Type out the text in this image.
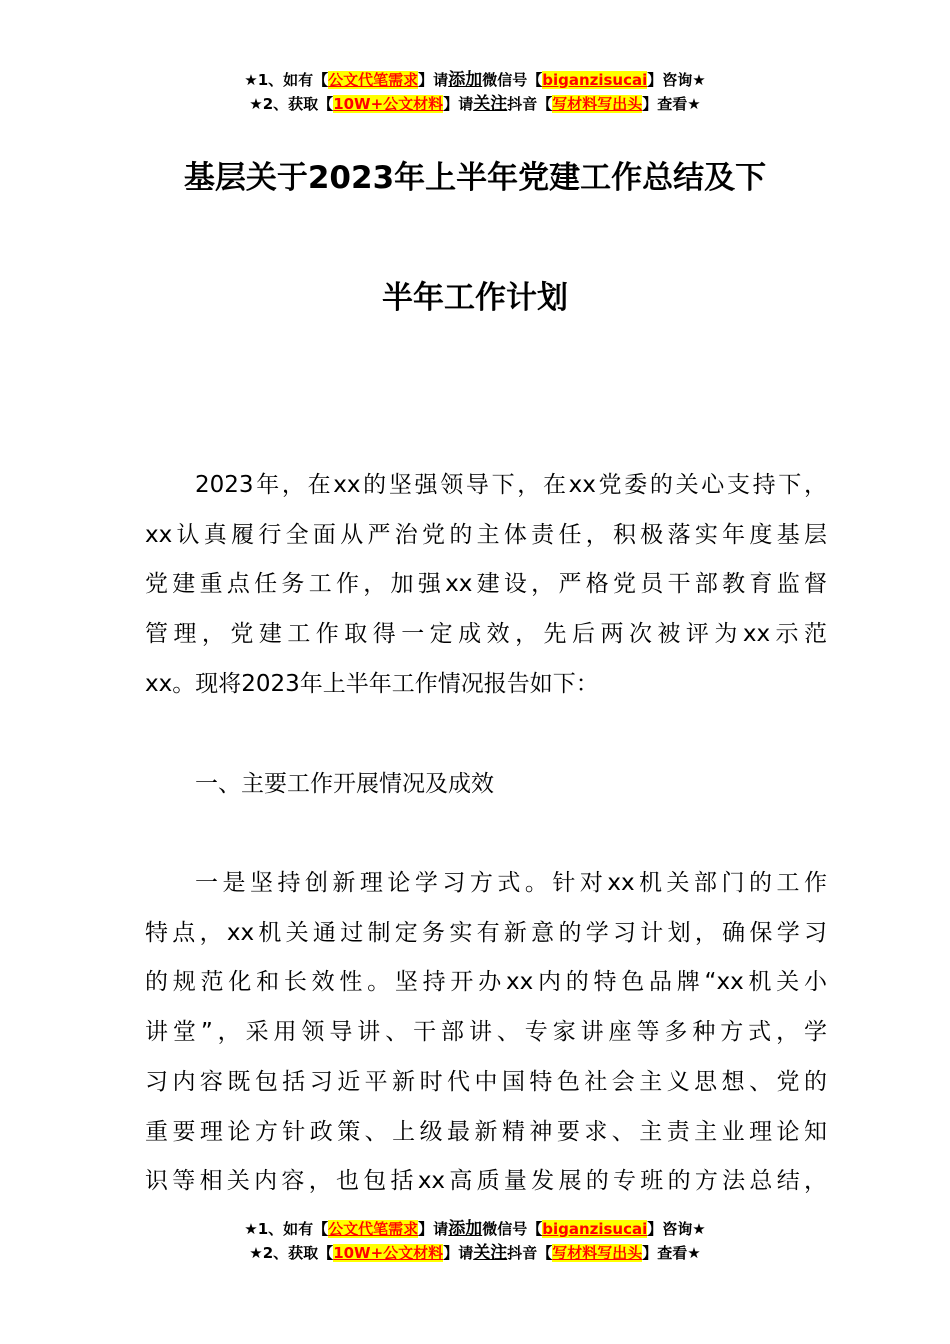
★1、如有【公文代笔需求】请添加微信号【biganzisucai】咨询★
★2、获取【10W+公文材料】请关注抖音【写材料写出头】查看★
基层关于2023年上半年党建工作总结及下
半年工作计划
2023年，在xx的坚强领导下，在xx党委的关心支持下，
xx认真履行全面从严治党的主体责任，积极落实年度基层
党建重点任务工作，加强xx建设，严格党员干部教育监督
管理，党建工作取得一定成效，先后两次被评为xx示范
xx。现将2023年上半年工作情况报告如下：
一、主要工作开展情况及成效
一是坚持创新理论学习方式。针对xx机关部门的工作
特点，xx机关通过制定务实有新意的学习计划，确保学习
的规范化和长效性。坚持开办xx内的特色品牌“xx机关小
讲堂”，采用领导讲、干部讲、专家讲座等多种方式，学
习内容既包括习近平新时代中国特色社会主义思想、党的
重要理论方针政策、上级最新精神要求、主责主业理论知
识等相关内容，也包括xx高质量发展的专班的方法总结，
★1、如有【公文代笔需求】请添加微信号【biganzisucai】咨询★
★2、获取【10W+公文材料】请关注抖音【写材料写出头】查看★
